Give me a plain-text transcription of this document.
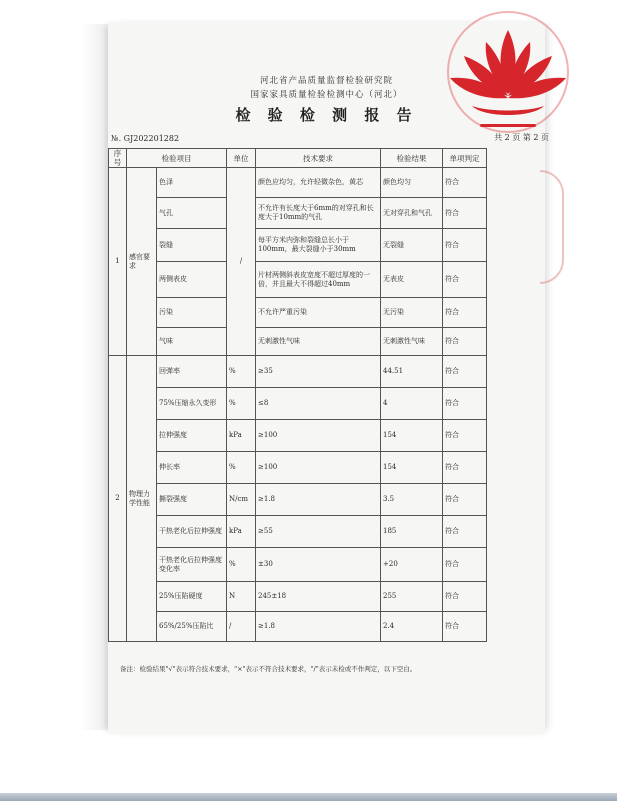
河北省产品质量监督检验研究院
国家家具质量检验检测中心（河北）
检 验 检 测 报 告
№. GJ202201282	共 2 页 第 2 页
序号	检验项目		单位	技术要求	检验结果	单项判定
1	感官要求	色泽	/	颜色应均匀，允许轻微杂色，黄芯	颜色均匀	符合
		气孔		不允许有长度大于6mm的对穿孔和长度大于10mm的气孔	无对穿孔和气孔	符合
		裂缝		每平方米内弥和裂缝总长小于100mm，最大裂缝小于30mm	无裂缝	符合
		两侧表皮		片材两侧斜表皮宽度不超过厚度的一倍，并且最大不得超过40mm	无表皮	符合
		污染		不允许严重污染	无污染	符合
		气味		无刺激性气味	无刺激性气味	符合
2	物理力学性能	回弹率	%	≥35	44.51	符合
		75%压缩永久变形	%	≤8	4	符合
		拉伸强度	kPa	≥100	154	符合
		伸长率	%	≥100	154	符合
		撕裂强度	N/cm	≥1.8	3.5	符合
		干热老化后拉伸强度	kPa	≥55	185	符合
		干热老化后拉伸强度变化率	%	±30	+20	符合
		25%压陷硬度	N	245±18	255	符合
		65%/25%压陷比	/	≥1.8	2.4	符合
备注：检验结果"√"表示符合技术要求，"×"表示不符合技术要求，"/"表示未检或不作判定，以下空白。
